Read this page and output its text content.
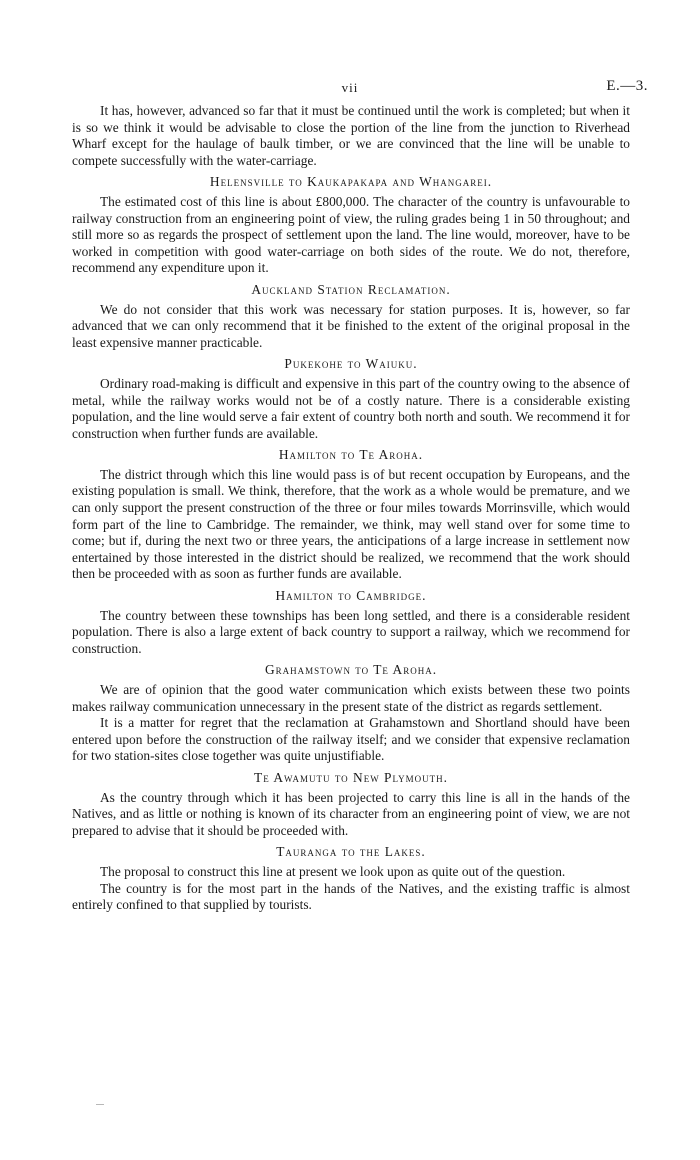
vii	E.—3.

It has, however, advanced so far that it must be continued until the work is completed; but when it is so we think it would be advisable to close the portion of the line from the junction to Riverhead Wharf except for the haulage of baulk timber, or we are convinced that the line will be unable to compete successfully with the water-carriage.

Helensville to Kaukapakapa and Whangarei.

The estimated cost of this line is about £800,000. The character of the country is unfavourable to railway construction from an engineering point of view, the ruling grades being 1 in 50 throughout; and still more so as regards the prospect of settlement upon the land. The line would, moreover, have to be worked in competition with good water-carriage on both sides of the route. We do not, therefore, recommend any expenditure upon it.

Auckland Station Reclamation.

We do not consider that this work was necessary for station purposes. It is, however, so far advanced that we can only recommend that it be finished to the extent of the original proposal in the least expensive manner practicable.

Pukekohe to Waiuku.

Ordinary road-making is difficult and expensive in this part of the country owing to the absence of metal, while the railway works would not be of a costly nature. There is a considerable existing population, and the line would serve a fair extent of country both north and south. We recommend it for construction when further funds are available.

Hamilton to Te Aroha.

The district through which this line would pass is of but recent occupation by Europeans, and the existing population is small. We think, therefore, that the work as a whole would be premature, and we can only support the present construction of the three or four miles towards Morrinsville, which would form part of the line to Cambridge. The remainder, we think, may well stand over for some time to come; but if, during the next two or three years, the anticipations of a large increase in settlement now entertained by those interested in the district should be realized, we recommend that the work should then be proceeded with as soon as further funds are available.

Hamilton to Cambridge.

The country between these townships has been long settled, and there is a considerable resident population. There is also a large extent of back country to support a railway, which we recommend for construction.

Grahamstown to Te Aroha.

We are of opinion that the good water communication which exists between these two points makes railway communication unnecessary in the present state of the district as regards settlement.

It is a matter for regret that the reclamation at Grahamstown and Shortland should have been entered upon before the construction of the railway itself; and we consider that expensive reclamation for two station-sites close together was quite unjustifiable.

Te Awamutu to New Plymouth.

As the country through which it has been projected to carry this line is all in the hands of the Natives, and as little or nothing is known of its character from an engineering point of view, we are not prepared to advise that it should be proceeded with.

Tauranga to the Lakes.

The proposal to construct this line at present we look upon as quite out of the question.

The country is for the most part in the hands of the Natives, and the existing traffic is almost entirely confined to that supplied by tourists.
